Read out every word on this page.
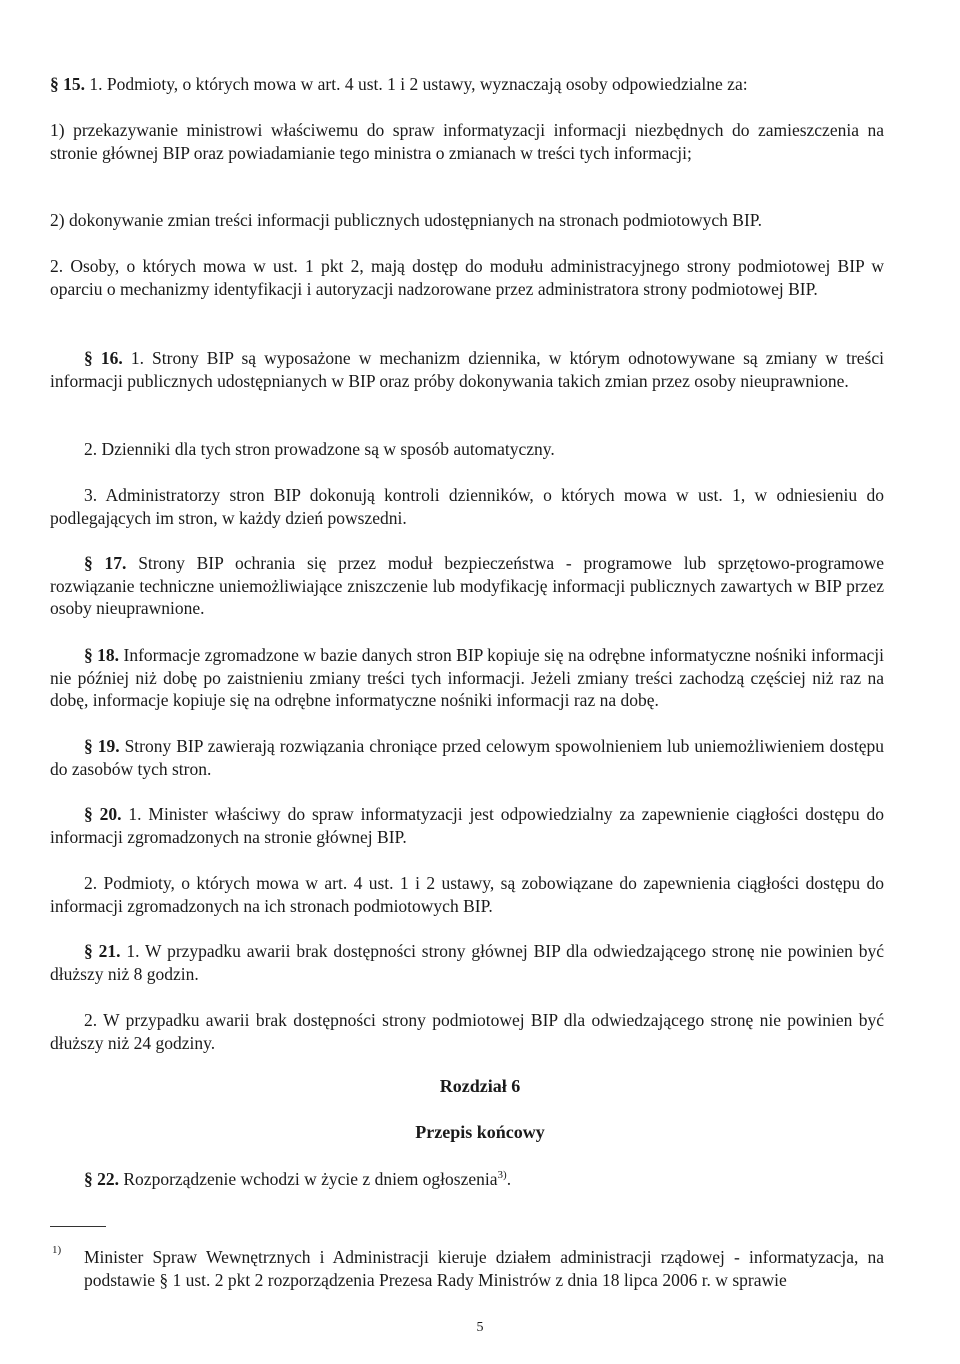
§ 15. 1. Podmioty, o których mowa w art. 4 ust. 1 i 2 ustawy, wyznaczają osoby odpowiedzialne za:

1) przekazywanie ministrowi właściwemu do spraw informatyzacji informacji niezbędnych do zamieszczenia na stronie głównej BIP oraz powiadamianie tego ministra o zmianach w treści tych informacji;

2) dokonywanie zmian treści informacji publicznych udostępnianych na stronach podmiotowych BIP.

2. Osoby, o których mowa w ust. 1 pkt 2, mają dostęp do modułu administracyjnego strony podmiotowej BIP w oparciu o mechanizmy identyfikacji i autoryzacji nadzorowane przez administratora strony podmiotowej BIP.

§ 16. 1. Strony BIP są wyposażone w mechanizm dziennika, w którym odnotowywane są zmiany w treści informacji publicznych udostępnianych w BIP oraz próby dokonywania takich zmian przez osoby nieuprawnione.

2. Dzienniki dla tych stron prowadzone są w sposób automatyczny.

3. Administratorzy stron BIP dokonują kontroli dzienników, o których mowa w ust. 1, w odniesieniu do podlegających im stron, w każdy dzień powszedni.

§ 17. Strony BIP ochrania się przez moduł bezpieczeństwa - programowe lub sprzętowo-programowe rozwiązanie techniczne uniemożliwiające zniszczenie lub modyfikację informacji publicznych zawartych w BIP przez osoby nieuprawnione.

§ 18. Informacje zgromadzone w bazie danych stron BIP kopiuje się na odrębne informatyczne nośniki informacji nie później niż dobę po zaistnieniu zmiany treści tych informacji. Jeżeli zmiany treści zachodzą częściej niż raz na dobę, informacje kopiuje się na odrębne informatyczne nośniki informacji raz na dobę.

§ 19. Strony BIP zawierają rozwiązania chroniące przed celowym spowolnieniem lub uniemożliwieniem dostępu do zasobów tych stron.

§ 20. 1. Minister właściwy do spraw informatyzacji jest odpowiedzialny za zapewnienie ciągłości dostępu do informacji zgromadzonych na stronie głównej BIP.

2. Podmioty, o których mowa w art. 4 ust. 1 i 2 ustawy, są zobowiązane do zapewnienia ciągłości dostępu do informacji zgromadzonych na ich stronach podmiotowych BIP.

§ 21. 1. W przypadku awarii brak dostępności strony głównej BIP dla odwiedzającego stronę nie powinien być dłuższy niż 8 godzin.

2. W przypadku awarii brak dostępności strony podmiotowej BIP dla odwiedzającego stronę nie powinien być dłuższy niż 24 godziny.

Rozdział 6

Przepis końcowy

§ 22. Rozporządzenie wchodzi w życie z dniem ogłoszenia$^{3)}$.

1) Minister Spraw Wewnętrznych i Administracji kieruje działem administracji rządowej - informatyzacja, na podstawie § 1 ust. 2 pkt 2 rozporządzenia Prezesa Rady Ministrów z dnia 18 lipca 2006 r. w sprawie

5
